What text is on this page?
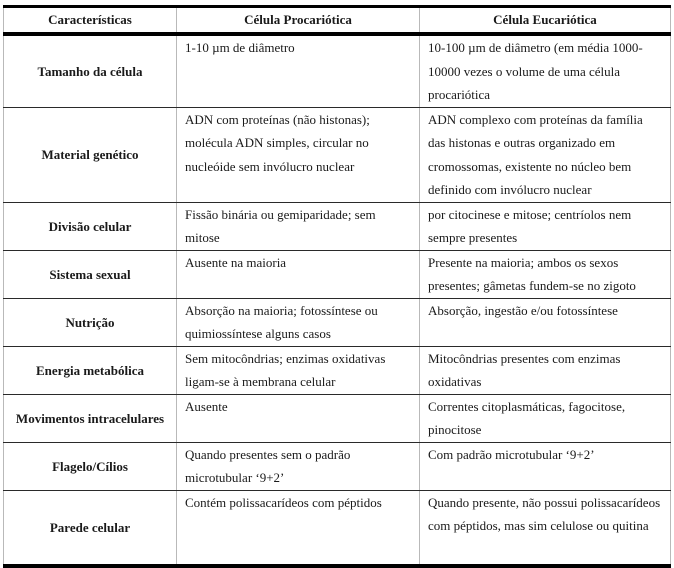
Características	Célula Procariótica	Célula Eucariótica

Tamanho da célula	1-10 µm de diâmetro	10-100 µm de diâmetro (em média 1000-10000 vezes o volume de uma célula procariótica

Material genético	ADN com proteínas (não histonas); molécula ADN simples, circular no nucleóide sem invólucro nuclear	ADN complexo com proteínas da família das histonas e outras organizado em cromossomas, existente no núcleo bem definido com invólucro nuclear

Divisão celular	Fissão binária ou gemiparidade; sem mitose	por citocinese e mitose; centríolos nem sempre presentes

Sistema sexual	Ausente na maioria	Presente na maioria; ambos os sexos presentes; gâmetas fundem-se no zigoto

Nutrição	Absorção na maioria; fotossíntese ou quimiossíntese alguns casos	Absorção, ingestão e/ou fotossíntese

Energia metabólica	Sem mitocôndrias; enzimas oxidativas ligam-se à membrana celular	Mitocôndrias presentes com enzimas oxidativas

Movimentos intracelulares	Ausente	Correntes citoplasmáticas, fagocitose, pinocitose

Flagelo/Cílios	Quando presentes sem o padrão microtubular ‘9+2’	Com padrão microtubular ‘9+2’

Parede celular	Contém polissacarídeos com péptidos	Quando presente, não possui polissacarídeos com péptidos, mas sim celulose ou quitina
